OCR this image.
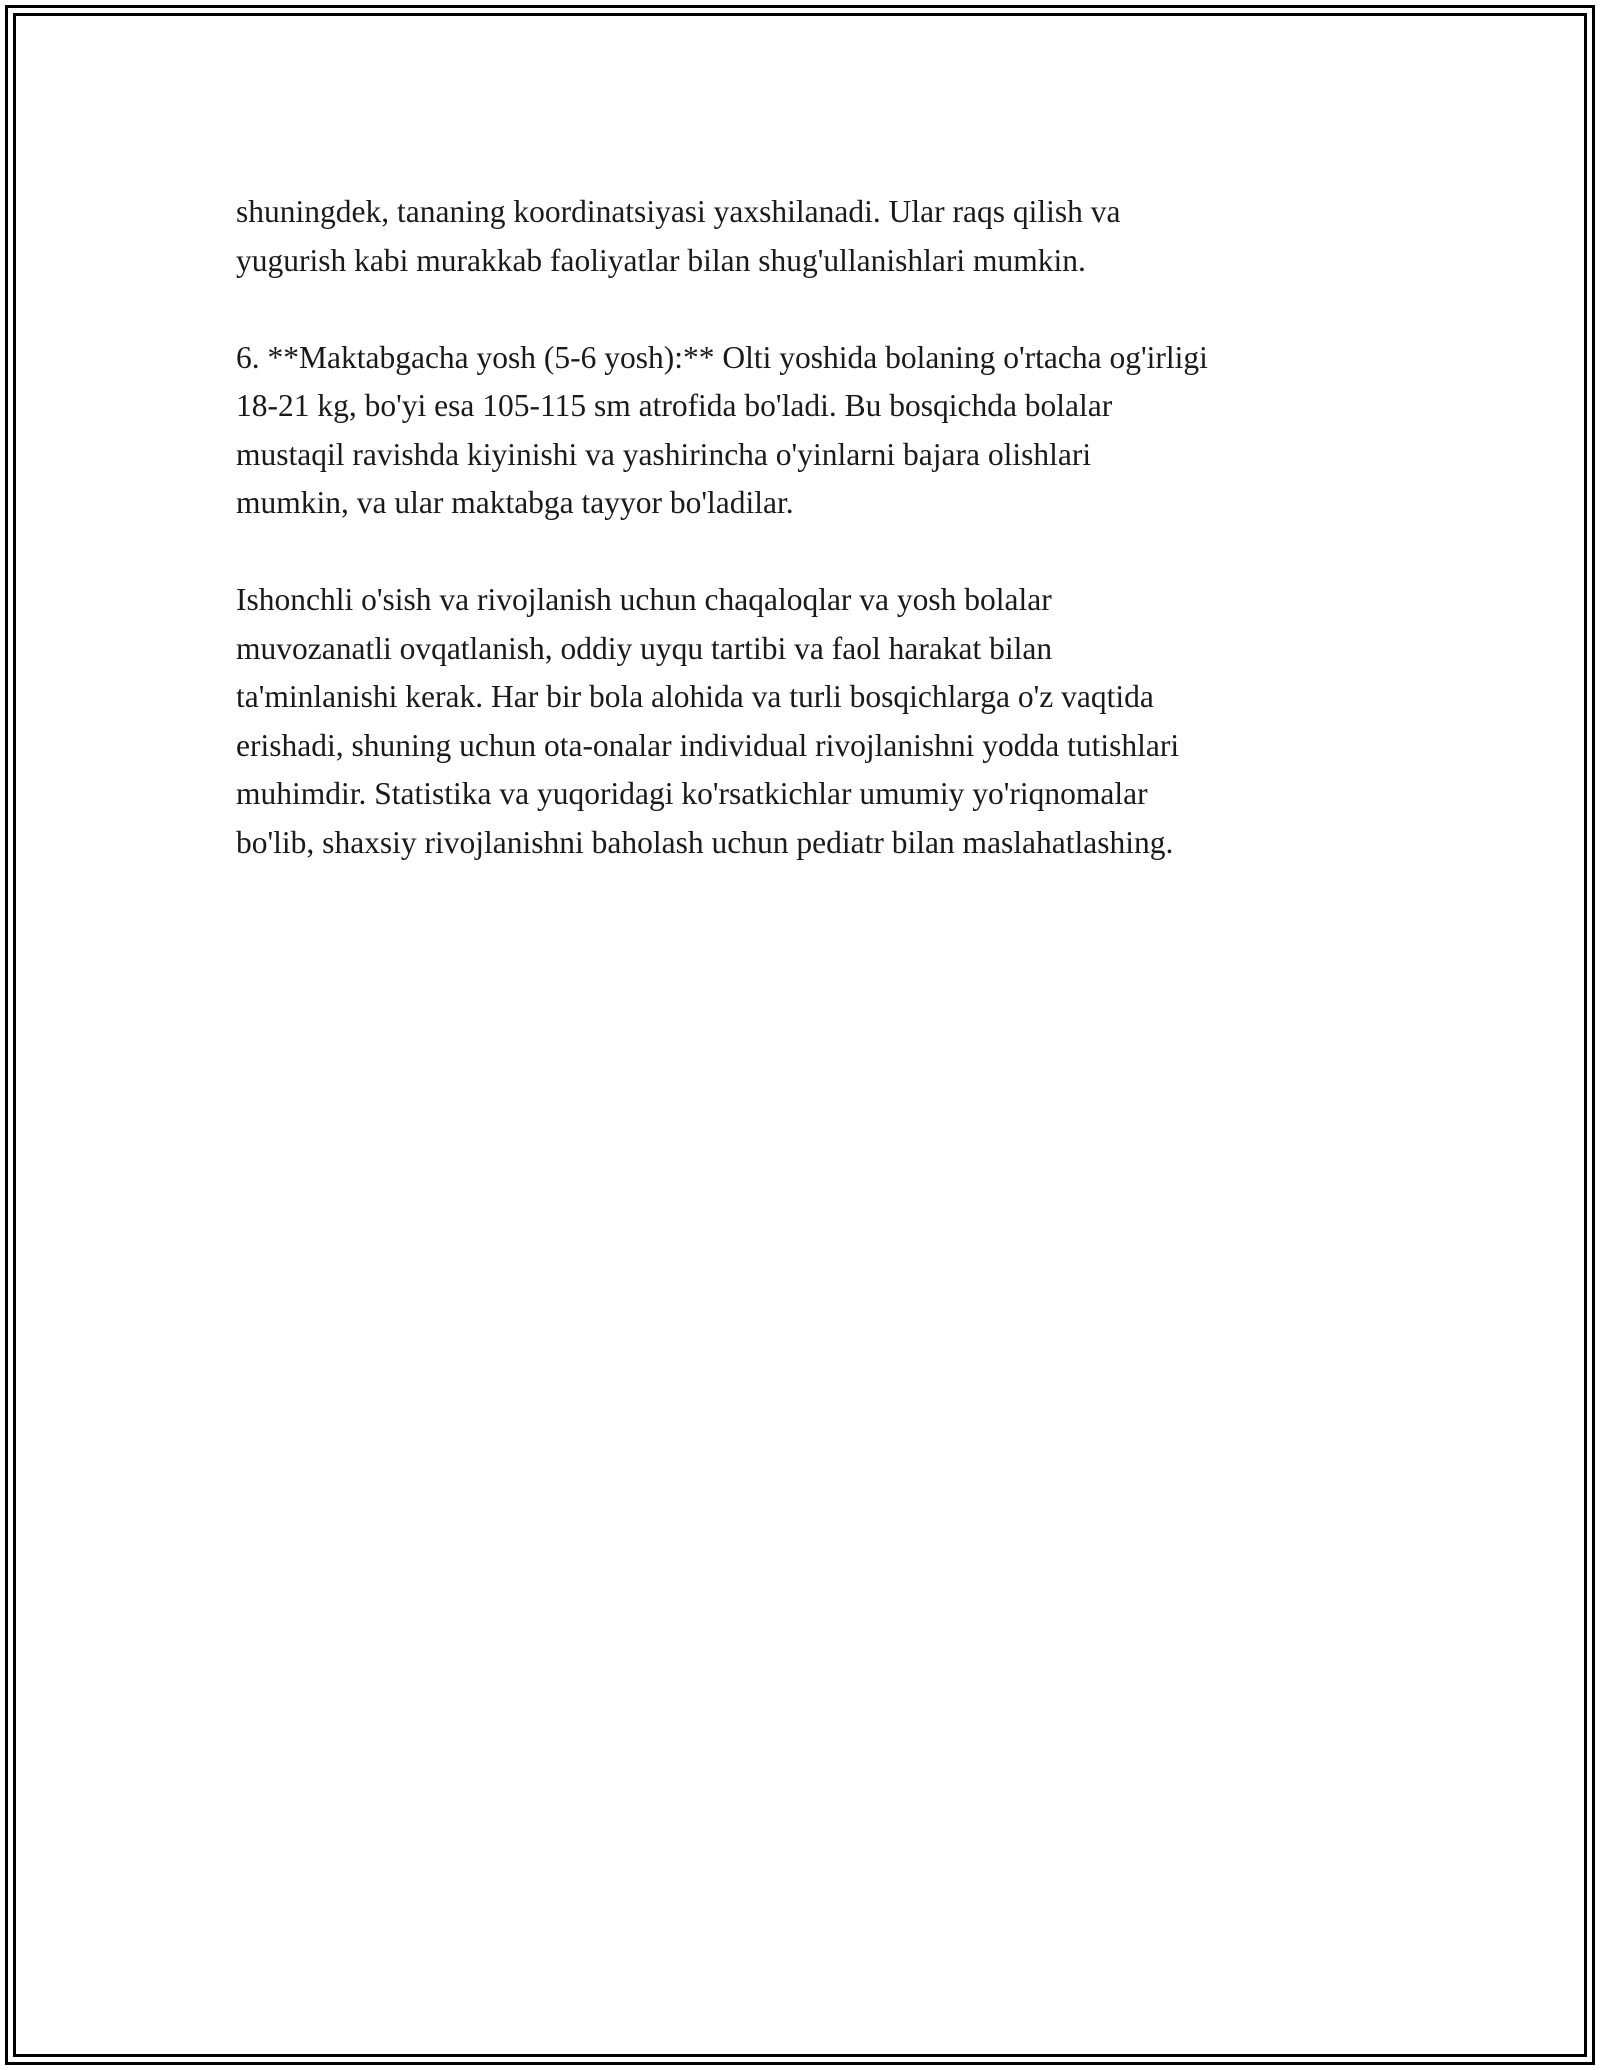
shuningdek, tananing koordinatsiyasi yaxshilanadi. Ular raqs qilish va
yugurish kabi murakkab faoliyatlar bilan shug'ullanishlari mumkin.

6. **Maktabgacha yosh (5-6 yosh):** Olti yoshida bolaning o'rtacha og'irligi
18-21 kg, bo'yi esa 105-115 sm atrofida bo'ladi. Bu bosqichda bolalar
mustaqil ravishda kiyinishi va yashirincha o'yinlarni bajara olishlari
mumkin, va ular maktabga tayyor bo'ladilar.

Ishonchli o'sish va rivojlanish uchun chaqaloqlar va yosh bolalar
muvozanatli ovqatlanish, oddiy uyqu tartibi va faol harakat bilan
ta'minlanishi kerak. Har bir bola alohida va turli bosqichlarga o'z vaqtida
erishadi, shuning uchun ota-onalar individual rivojlanishni yodda tutishlari
muhimdir. Statistika va yuqoridagi ko'rsatkichlar umumiy yo'riqnomalar
bo'lib, shaxsiy rivojlanishni baholash uchun pediatr bilan maslahatlashing.
